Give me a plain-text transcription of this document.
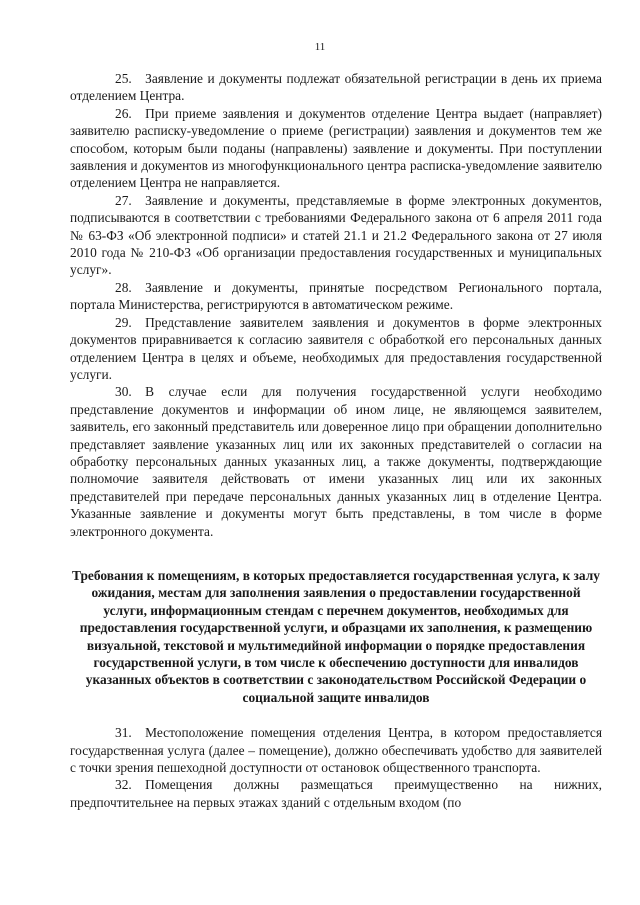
11

25. Заявление и документы подлежат обязательной регистрации в день их приема отделением Центра.

26. При приеме заявления и документов отделение Центра выдает (направляет) заявителю расписку-уведомление о приеме (регистрации) заявления и документов тем же способом, которым были поданы (направлены) заявление и документы. При поступлении заявления и документов из многофункционального центра расписка-уведомление заявителю отделением Центра не направляется.

27. Заявление и документы, представляемые в форме электронных документов, подписываются в соответствии с требованиями Федерального закона от 6 апреля 2011 года № 63-ФЗ «Об электронной подписи» и статей 21.1 и 21.2 Федерального закона от 27 июля 2010 года № 210-ФЗ «Об организации предоставления государственных и муниципальных услуг».

28. Заявление и документы, принятые посредством Регионального портала, портала Министерства, регистрируются в автоматическом режиме.

29. Представление заявителем заявления и документов в форме электронных документов приравнивается к согласию заявителя с обработкой его персональных данных отделением Центра в целях и объеме, необходимых для предоставления государственной услуги.

30. В случае если для получения государственной услуги необходимо представление документов и информации об ином лице, не являющемся заявителем, заявитель, его законный представитель или доверенное лицо при обращении дополнительно представляет заявление указанных лиц или их законных представителей о согласии на обработку персональных данных указанных лиц, а также документы, подтверждающие полномочие заявителя действовать от имени указанных лиц или их законных представителей при передаче персональных данных указанных лиц в отделение Центра. Указанные заявление и документы могут быть представлены, в том числе в форме электронного документа.

Требования к помещениям, в которых предоставляется государственная услуга, к залу ожидания, местам для заполнения заявления о предоставлении государственной услуги, информационным стендам с перечнем документов, необходимых для предоставления государственной услуги, и образцами их заполнения, к размещению визуальной, текстовой и мультимедийной информации о порядке предоставления государственной услуги, в том числе к обеспечению доступности для инвалидов указанных объектов в соответствии с законодательством Российской Федерации о социальной защите инвалидов

31. Местоположение помещения отделения Центра, в котором предоставляется государственная услуга (далее – помещение), должно обеспечивать удобство для заявителей с точки зрения пешеходной доступности от остановок общественного транспорта.

32. Помещения должны размещаться преимущественно на нижних, предпочтительнее на первых этажах зданий с отдельным входом (по
